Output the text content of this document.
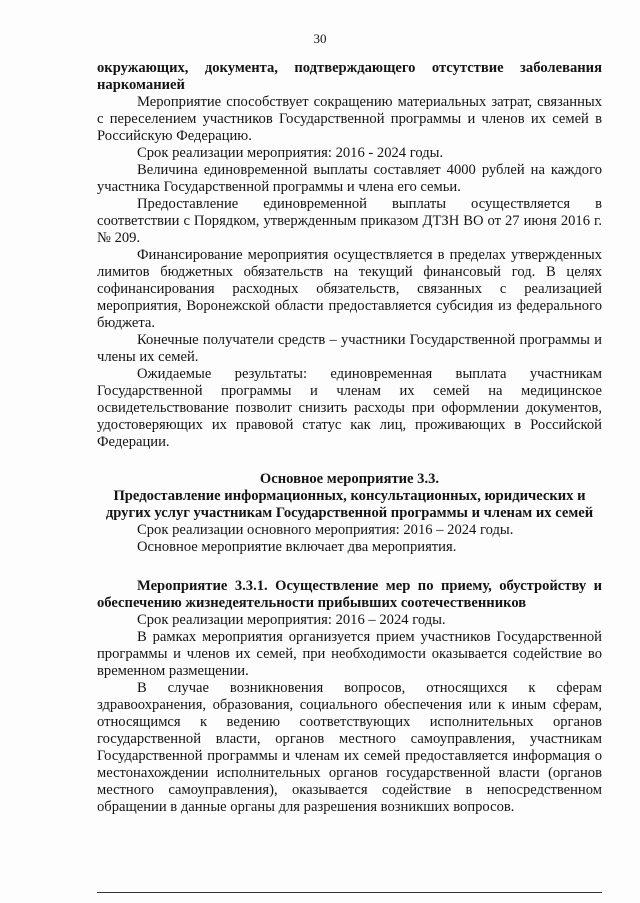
30

окружающих, документа, подтверждающего отсутствие заболевания наркоманией

Мероприятие способствует сокращению материальных затрат, связанных с переселением участников Государственной программы и членов их семей в Российскую Федерацию.

Срок реализации мероприятия: 2016 - 2024 годы.

Величина единовременной выплаты составляет 4000 рублей на каждого участника Государственной программы и члена его семьи.

Предоставление единовременной выплаты осуществляется в соответствии с Порядком, утвержденным приказом ДТЗН ВО от 27 июня 2016 г. № 209.

Финансирование мероприятия осуществляется в пределах утвержденных лимитов бюджетных обязательств на текущий финансовый год. В целях софинансирования расходных обязательств, связанных с реализацией мероприятия, Воронежской области предоставляется субсидия из федерального бюджета.

Конечные получатели средств – участники Государственной программы и члены их семей.

Ожидаемые результаты: единовременная выплата участникам Государственной программы и членам их семей на медицинское освидетельствование позволит снизить расходы при оформлении документов, удостоверяющих их правовой статус как лиц, проживающих в Российской Федерации.

Основное мероприятие 3.3.

Предоставление информационных, консультационных, юридических и других услуг участникам Государственной программы и членам их семей

Срок реализации основного мероприятия: 2016 – 2024 годы.

Основное мероприятие включает два мероприятия.

Мероприятие 3.3.1. Осуществление мер по приему, обустройству и обеспечению жизнедеятельности прибывших соотечественников

Срок реализации мероприятия: 2016 – 2024 годы.

В рамках мероприятия организуется прием участников Государственной программы и членов их семей, при необходимости оказывается содействие во временном размещении.

В случае возникновения вопросов, относящихся к сферам здравоохранения, образования, социального обеспечения или к иным сферам, относящимся к ведению соответствующих исполнительных органов государственной власти, органов местного самоуправления, участникам Государственной программы и членам их семей предоставляется информация о местонахождении исполнительных органов государственной власти (органов местного самоуправления), оказывается содействие в непосредственном обращении в данные органы для разрешения возникших вопросов.
